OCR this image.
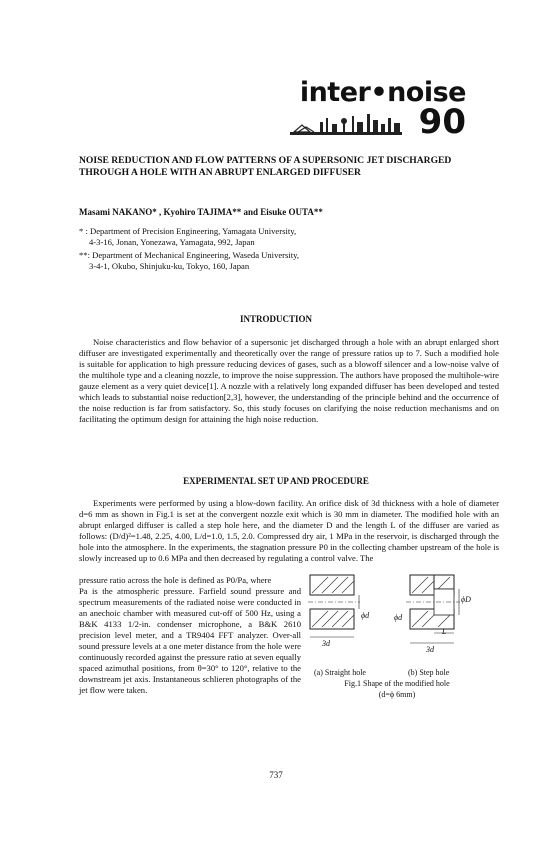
inter•noise
90
NOISE REDUCTION AND FLOW PATTERNS OF A SUPERSONIC JET DISCHARGED
THROUGH A HOLE WITH AN ABRUPT ENLARGED DIFFUSER
Masami NAKANO* , Kyohiro TAJIMA** and Eisuke OUTA**
* : Department of Precision Engineering, Yamagata University,
4-3-16, Jonan, Yonezawa, Yamagata, 992, Japan
**: Department of Mechanical Engineering, Waseda University,
3-4-1, Okubo, Shinjuku-ku, Tokyo, 160, Japan
INTRODUCTION

Noise characteristics and flow behavior of a supersonic jet discharged through a hole with an abrupt enlarged short diffuser are investigated experimentally and theoretically over the range of pressure ratios up to 7. Such a modified hole is suitable for application to high pressure reducing devices of gases, such as a blowoff silencer and a low-noise valve of the multihole type and a cleaning nozzle, to improve the noise suppression. The authors have proposed the multihole-wire gauze element as a very quiet device[1]. A nozzle with a relatively long expanded diffuser has been developed and tested which leads to substantial noise reduction[2,3], however, the understanding of the principle behind and the occurrence of the noise reduction is far from satisfactory. So, this study focuses on clarifying the noise reduction mechanisms and on facilitating the optimum design for attaining the high noise reduction.

EXPERIMENTAL SET UP AND PROCEDURE

Experiments were performed by using a blow-down facility. An orifice disk of 3d thickness with a hole of diameter d=6 mm as shown in Fig.1 is set at the convergent nozzle exit which is 30 mm in diameter. The modified hole with an abrupt enlarged diffuser is called a step hole here, and the diameter D and the length L of the diffuser are varied as follows: (D/d)²=1.48, 2.25, 4.00, L/d=1.0, 1.5, 2.0. Compressed dry air, 1 MPa in the reservoir, is discharged through the hole into the atmosphere. In the experiments, the stagnation pressure P0 in the collecting chamber upstream of the hole is slowly increased up to 0.6 MPa and then decreased by regulating a control valve. The

pressure ratio across the hole is defined as P0/Pa, where
Pa is the atmospheric pressure. Farfield sound pressure and spectrum measurements of the radiated noise were conducted in an anechoic chamber with measured cut-off of 500 Hz, using a B&K 4133 1/2-in. condenser microphone, a B&K 2610 precision level meter, and a TR9404 FFT analyzer. Over-all sound pressure levels at a one meter distance from the hole were continuously recorded against the pressure ratio at seven equally spaced azimuthal positions, from θ=30° to 120°, relative to the downstream jet axis. Instantaneous schlieren photographs of the jet flow were taken.
3d
ϕd	ϕd
ϕD
L
3d
(a) Straight hole	(b) Step hole
Fig.1 Shape of the modified hole
(d=ϕ 6mm)
737
